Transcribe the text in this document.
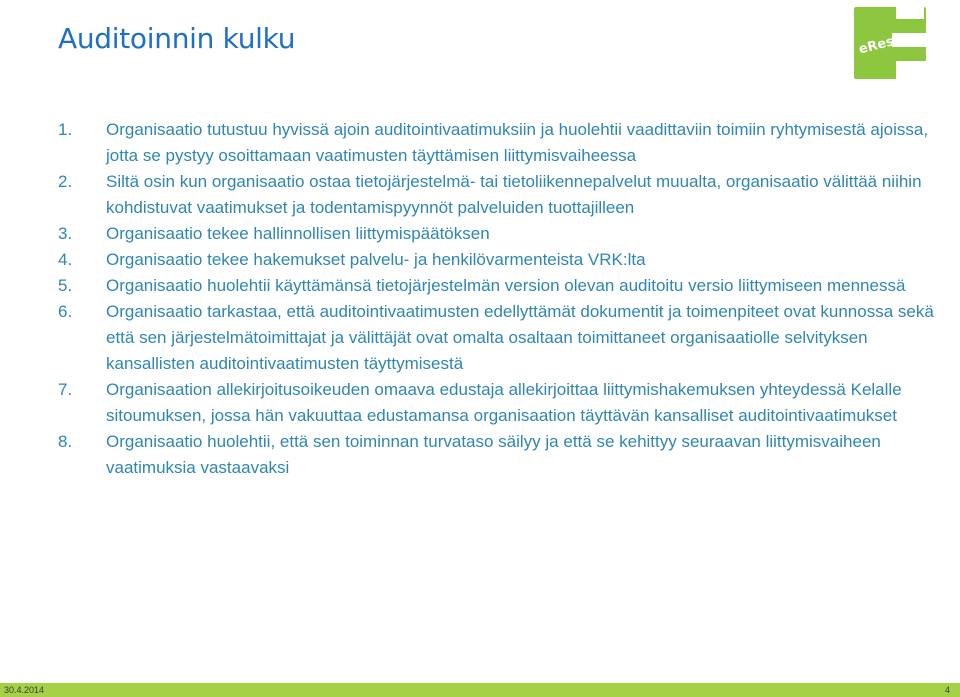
Auditoinnin kulku	eRespa
1. Organisaatio tutustuu hyvissä ajoin auditointivaatimuksiin ja huolehtii vaadittaviin toimiin ryhtymisestä ajoissa, jotta se pystyy osoittamaan vaatimusten täyttämisen liittymisvaiheessa
2. Siltä osin kun organisaatio ostaa tietojärjestelmä- tai tietoliikennepalvelut muualta, organisaatio välittää niihin kohdistuvat vaatimukset ja todentamispyynnöt palveluiden tuottajilleen
3. Organisaatio tekee hallinnollisen liittymispäätöksen
4. Organisaatio tekee hakemukset palvelu- ja henkilövarmenteista VRK:lta
5. Organisaatio huolehtii käyttämänsä tietojärjestelmän version olevan auditoitu versio liittymiseen mennessä
6. Organisaatio tarkastaa, että auditointivaatimusten edellyttämät dokumentit ja toimenpiteet ovat kunnossa sekä että sen järjestelmätoimittajat ja välittäjät ovat omalta osaltaan toimittaneet organisaatiolle selvityksen kansallisten auditointivaatimusten täyttymisestä
7. Organisaation allekirjoitusoikeuden omaava edustaja allekirjoittaa liittymishakemuksen yhteydessä Kelalle sitoumuksen, jossa hän vakuuttaa edustamansa organisaation täyttävän kansalliset auditointivaatimukset
8. Organisaatio huolehtii, että sen toiminnan turvataso säilyy ja että se kehittyy seuraavan liittymisvaiheen vaatimuksia vastaavaksi
30.4.2014	4
